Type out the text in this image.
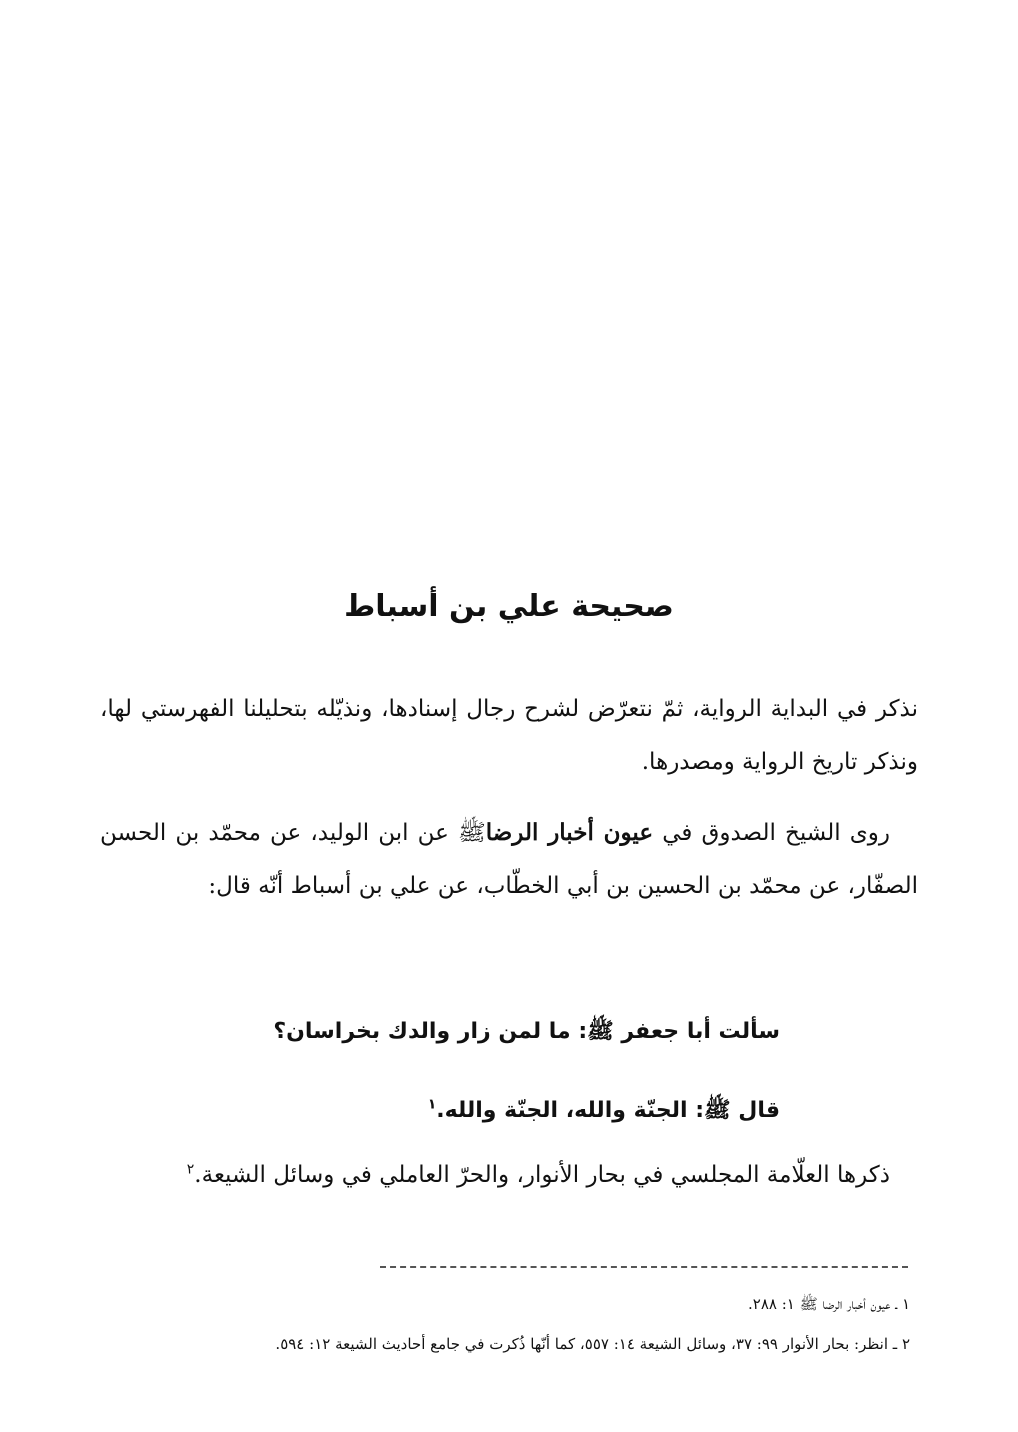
صحيحة علي بن أسباط
نذكر في البداية الرواية، ثمّ نتعرّض لشرح رجال إسنادها، ونذيّله بتحليلنا الفهرستي لها، ونذكر تاريخ الرواية ومصدرها.
روى الشيخ الصدوق في عيون أخبار الرضاﷺ عن ابن الوليد، عن محمّد بن الحسن الصفّار، عن محمّد بن الحسين بن أبي الخطّاب، عن علي بن أسباط أنّه قال:
سألت أبا جعفر ﷺ: ما لمن زار والدك بخراسان؟
قال ﷺ: الجنّة والله، الجنّة والله.$^١$
ذكرها العلّامة المجلسي في بحار الأنوار، والحرّ العاملي في وسائل الشيعة.$^٢$
١ ـ عيون أخبار الرضا ﷺ ١: ٢٨٨.
٢ ـ انظر: بحار الأنوار ٩٩: ٣٧، وسائل الشيعة ١٤: ٥٥٧، كما أنّها ذُكرت في جامع أحاديث الشيعة ١٢: ٥٩٤.
